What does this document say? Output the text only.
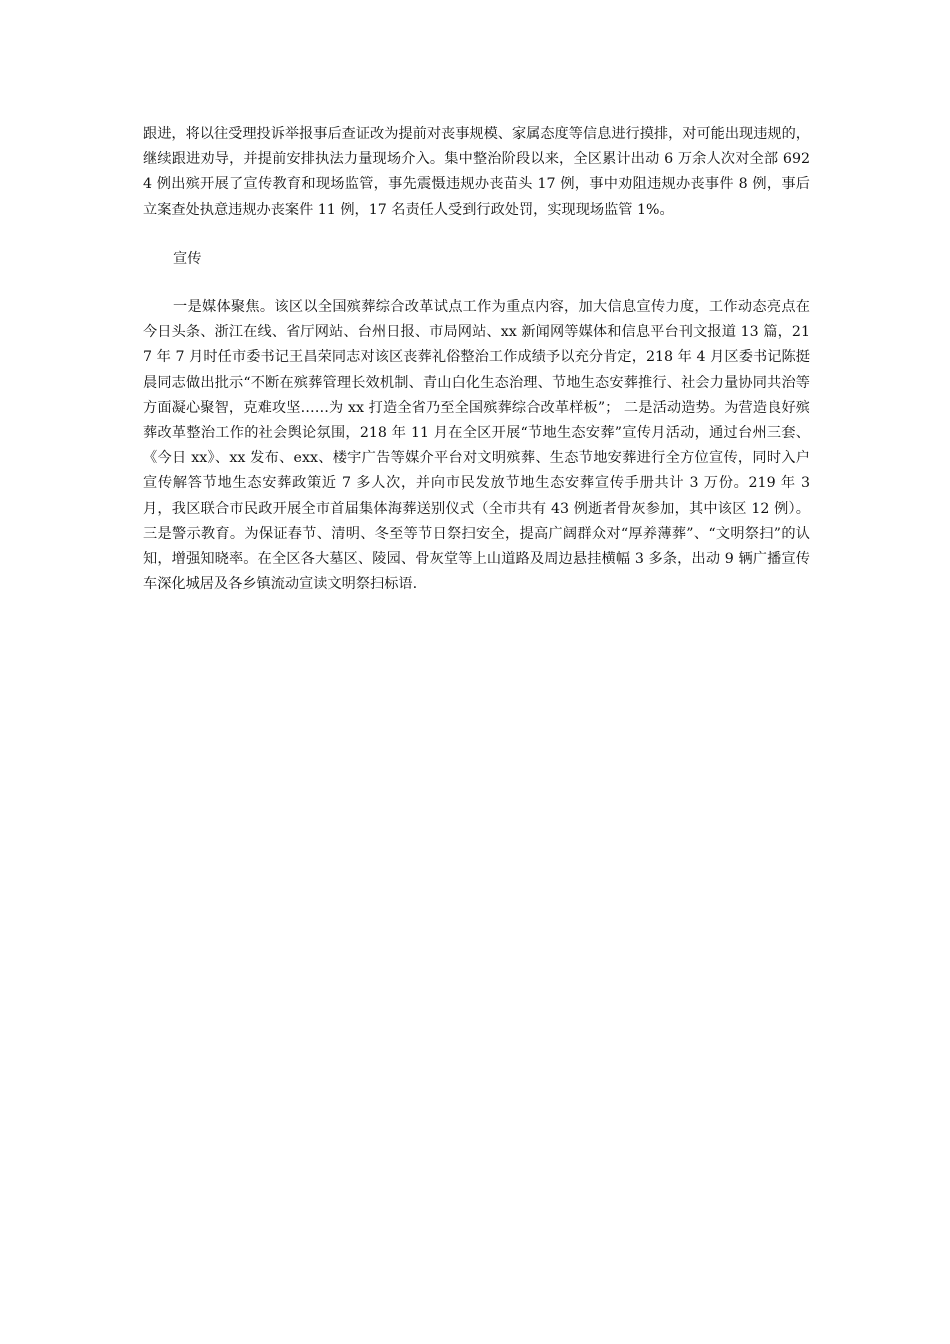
跟进，将以往受理投诉举报事后查证改为提前对丧事规模、家属态度等信息进行摸排，对可能出现违规的，继续跟进劝导，并提前安排执法力量现场介入。集中整治阶段以来，全区累计出动 6 万余人次对全部 6924 例出殡开展了宣传教育和现场监管，事先震慑违规办丧苗头 17 例，事中劝阻违规办丧事件 8 例，事后立案查处执意违规办丧案件 11 例，17 名责任人受到行政处罚，实现现场监管 1%。

宣传

一是媒体聚焦。该区以全国殡葬综合改革试点工作为重点内容，加大信息宣传力度，工作动态亮点在今日头条、浙江在线、省厅网站、台州日报、市局网站、xx 新闻网等媒体和信息平台刊文报道 13 篇，217 年 7 月时任市委书记王昌荣同志对该区丧葬礼俗整治工作成绩予以充分肯定，218 年 4 月区委书记陈挺晨同志做出批示“不断在殡葬管理长效机制、青山白化生态治理、节地生态安葬推行、社会力量协同共治等方面凝心聚智，克难攻坚……为 xx 打造全省乃至全国殡葬综合改革样板”； 二是活动造势。为营造良好殡葬改革整治工作的社会舆论氛围，218 年 11 月在全区开展“节地生态安葬”宣传月活动，通过台州三套、《今日 xx》、xx 发布、exx、楼宇广告等媒介平台对文明殡葬、生态节地安葬进行全方位宣传，同时入户宣传解答节地生态安葬政策近 7 多人次，并向市民发放节地生态安葬宣传手册共计 3 万份。219 年 3 月，我区联合市民政开展全市首届集体海葬送别仪式（全市共有 43 例逝者骨灰参加，其中该区 12 例）。三是警示教育。为保证春节、清明、冬至等节日祭扫安全，提高广阔群众对“厚养薄葬”、“文明祭扫”的认知，增强知晓率。在全区各大墓区、陵园、骨灰堂等上山道路及周边悬挂横幅 3 多条，出动 9 辆广播宣传车深化城居及各乡镇流动宣读文明祭扫标语.
